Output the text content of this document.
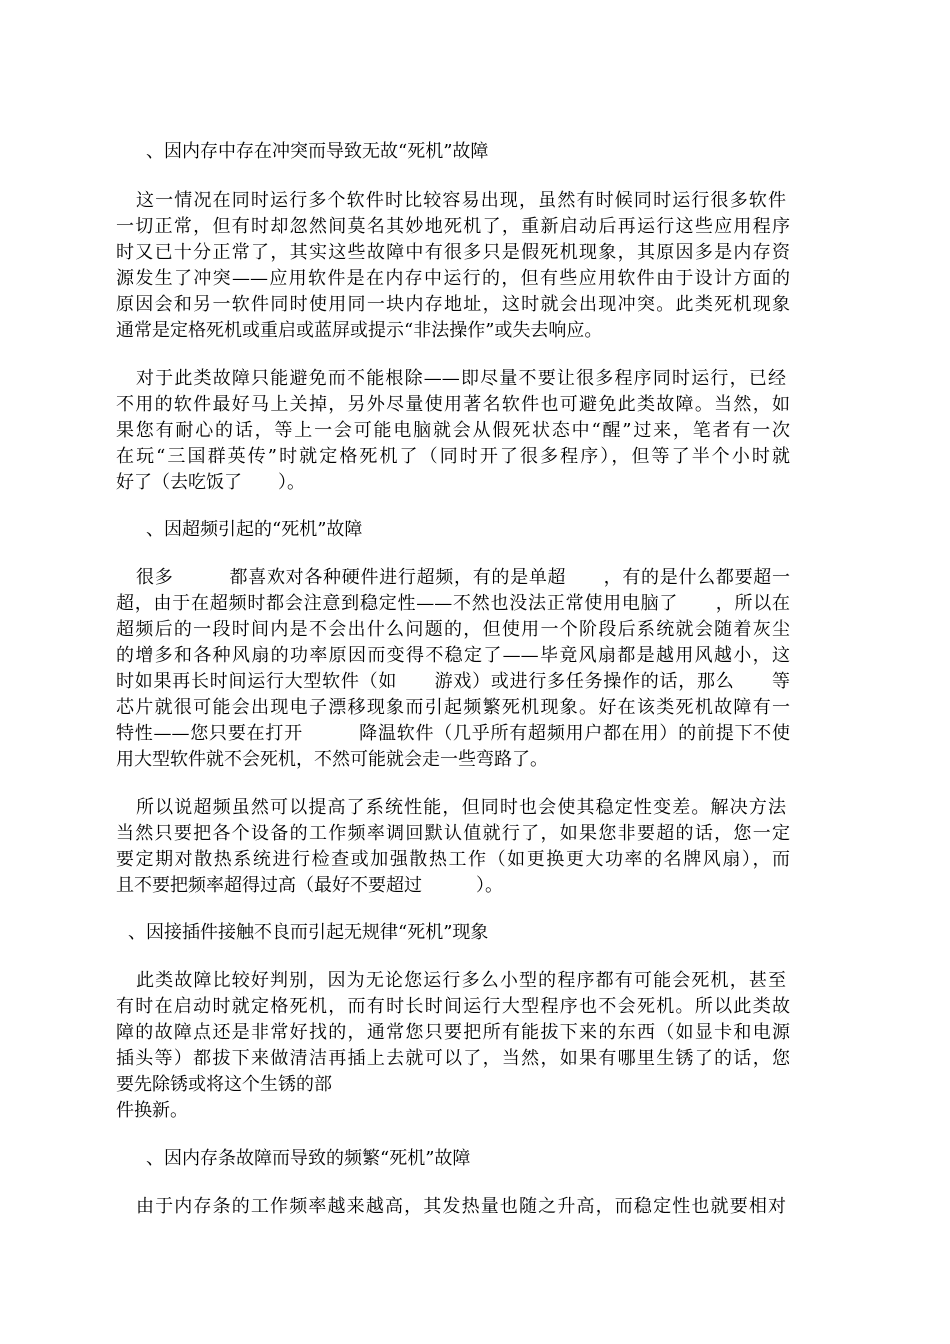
、因内存中存在冲突而导致无故“死机”故障

这一情况在同时运行多个软件时比较容易出现，虽然有时候同时运行很多软件

一切正常，但有时却忽然间莫名其妙地死机了，重新启动后再运行这些应用程序

时又已十分正常了，其实这些故障中有很多只是假死机现象，其原因多是内存资

源发生了冲突——应用软件是在内存中运行的，但有些应用软件由于设计方面的

原因会和另一软件同时使用同一块内存地址，这时就会出现冲突。此类死机现象

通常是定格死机或重启或蓝屏或提示“非法操作”或失去响应。

对于此类故障只能避免而不能根除——即尽量不要让很多程序同时运行，已经

不用的软件最好马上关掉，另外尽量使用著名软件也可避免此类故障。当然，如

果您有耐心的话，等上一会可能电脑就会从假死状态中“醒”过来，笔者有一次

在玩“三国群英传”时就定格死机了（同时开了很多程序），但等了半个小时就

好了（去吃饭了　　）。

、因超频引起的“死机”故障

很多　　　都喜欢对各种硬件进行超频，有的是单超　　，有的是什么都要超一

超，由于在超频时都会注意到稳定性——不然也没法正常使用电脑了　　，所以在

超频后的一段时间内是不会出什么问题的，但使用一个阶段后系统就会随着灰尘

的增多和各种风扇的功率原因而变得不稳定了——毕竟风扇都是越用风越小，这

时如果再长时间运行大型软件（如　　游戏）或进行多任务操作的话，那么　　等

芯片就很可能会出现电子漂移现象而引起频繁死机现象。好在该类死机故障有一

特性——您只要在打开　　　降温软件（几乎所有超频用户都在用）的前提下不使

用大型软件就不会死机，不然可能就会走一些弯路了。

所以说超频虽然可以提高了系统性能，但同时也会使其稳定性变差。解决方法

当然只要把各个设备的工作频率调回默认值就行了，如果您非要超的话，您一定

要定期对散热系统进行检查或加强散热工作（如更换更大功率的名牌风扇），而

且不要把频率超得过高（最好不要超过　　　）。

、因接插件接触不良而引起无规律“死机”现象

此类故障比较好判别，因为无论您运行多么小型的程序都有可能会死机，甚至

有时在启动时就定格死机，而有时长时间运行大型程序也不会死机。所以此类故

障的故障点还是非常好找的，通常您只要把所有能拔下来的东西（如显卡和电源

插头等）都拔下来做清洁再插上去就可以了，当然，如果有哪里生锈了的话，您

要先除锈或将这个生锈的部

件换新。

、因内存条故障而导致的频繁“死机”故障

由于内存条的工作频率越来越高，其发热量也随之升高，而稳定性也就要相对
